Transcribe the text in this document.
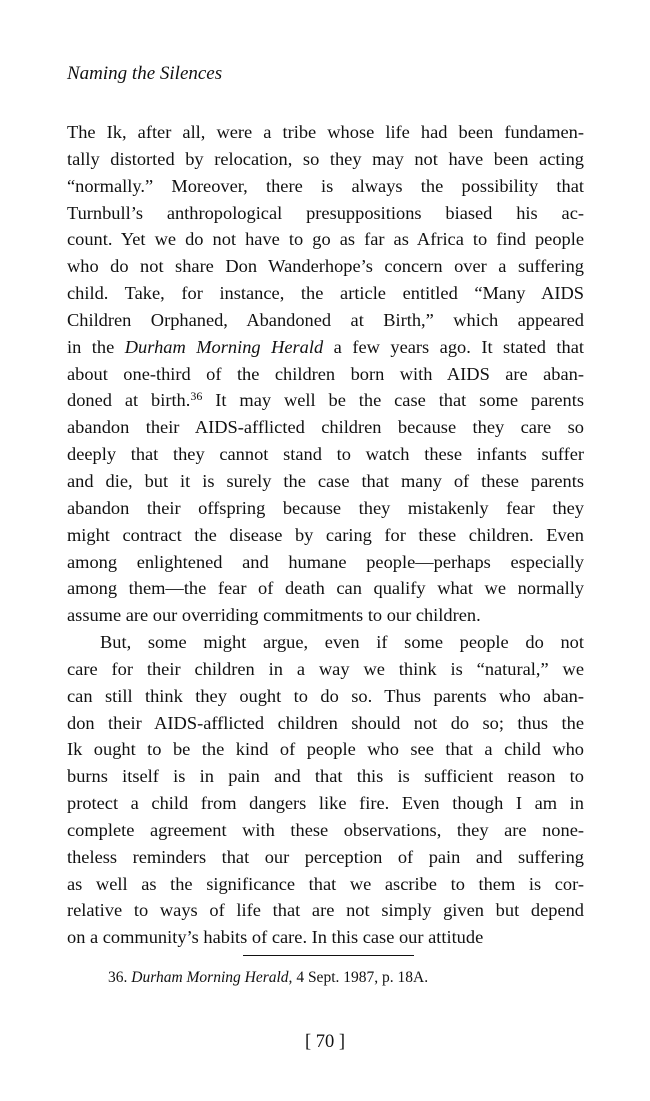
Naming the Silences
The Ik, after all, were a tribe whose life had been fundamen-
tally distorted by relocation, so they may not have been acting
“normally.” Moreover, there is always the possibility that
Turnbull’s anthropological presuppositions biased his ac-
count. Yet we do not have to go as far as Africa to find people
who do not share Don Wanderhope’s concern over a suffering
child. Take, for instance, the article entitled “Many AIDS
Children Orphaned, Abandoned at Birth,” which appeared
in the Durham Morning Herald a few years ago. It stated that
about one-third of the children born with AIDS are aban-
doned at birth.$^{36}$ It may well be the case that some parents
abandon their AIDS-afflicted children because they care so
deeply that they cannot stand to watch these infants suffer
and die, but it is surely the case that many of these parents
abandon their offspring because they mistakenly fear they
might contract the disease by caring for these children. Even
among enlightened and humane people—perhaps especially
among them—the fear of death can qualify what we normally
assume are our overriding commitments to our children.
But, some might argue, even if some people do not
care for their children in a way we think is “natural,” we
can still think they ought to do so. Thus parents who aban-
don their AIDS-afflicted children should not do so; thus the
Ik ought to be the kind of people who see that a child who
burns itself is in pain and that this is sufficient reason to
protect a child from dangers like fire. Even though I am in
complete agreement with these observations, they are none-
theless reminders that our perception of pain and suffering
as well as the significance that we ascribe to them is cor-
relative to ways of life that are not simply given but depend
on a community’s habits of care. In this case our attitude
36. Durham Morning Herald, 4 Sept. 1987, p. 18A.
[ 70 ]
